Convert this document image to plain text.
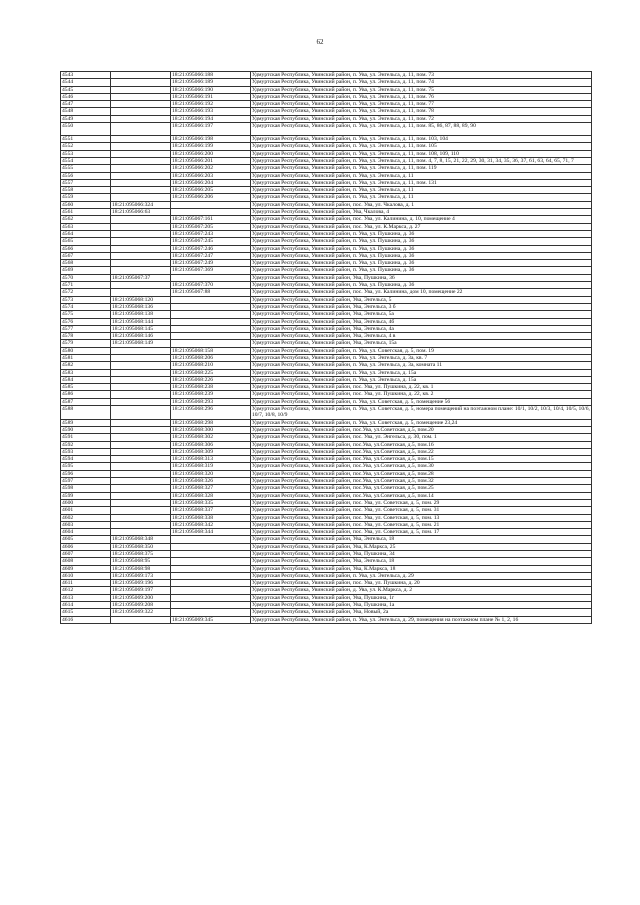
62
4543		18:21:095066:188	Удмуртская Республика, Увинский район, п. Ува, ул. Энгельса, д. 11, пом. 73
4544		18:21:095066:189	Удмуртская Республика, Увинский район, п. Ува, ул. Энгельса, д. 11, пом. 74
4545		18:21:095066:190	Удмуртская Республика, Увинский район, п. Ува, ул. Энгельса, д. 11, пом. 75
4546		18:21:095066:191	Удмуртская Республика, Увинский район, п. Ува, ул. Энгельса, д. 11, пом. 76
4547		18:21:095066:192	Удмуртская Республика, Увинский район, п. Ува, ул. Энгельса, д. 11, пом. 77
4548		18:21:095066:193	Удмуртская Республика, Увинский район, п. Ува, ул. Энгельса, д. 11, пом. 78
4549		18:21:095066:194	Удмуртская Республика, Увинский район, п. Ува, ул. Энгельса, д. 11, пом. 72
4550		18:21:095066:197	Удмуртская Республика, Увинский район, п. Ува, ул. Энгельса, д. 11, пом. 85, 86, 87, 88, 89, 90
4551		18:21:095066:198	Удмуртская Республика, Увинский район, п. Ува, ул. Энгельса, д. 11, пом. 103, 104
4552		18:21:095066:199	Удмуртская Республика, Увинский район, п. Ува, ул. Энгельса, д. 11, пом. 105
4553		18:21:095066:200	Удмуртская Республика, Увинский район, п. Ува, ул. Энгельса, д. 11, пом. 108, 109, 110
4554		18:21:095066:201	Удмуртская Республика, Увинский район, п. Ува, ул. Энгельса, д. 11, пом. 4, 7, 8, 15, 21, 22, 29, 30, 31, 34, 35, 36, 37, 61, 63, 64, 65, 71, 7
4555		18:21:095066:202	Удмуртская Республика, Увинский район, п. Ува, ул. Энгельса, д. 11, пом. 119
4556		18:21:095066:203	Удмуртская Республика, Увинский район, п. Ува, ул. Энгельса, д. 11
4557		18:21:095066:204	Удмуртская Республика, Увинский район, п. Ува, ул. Энгельса, д. 11, пом. 131
4558		18:21:095066:205	Удмуртская Республика, Увинский район, п. Ува, ул. Энгельса, д. 11
4559		18:21:095066:206	Удмуртская Республика, Увинский район, п. Ува, ул. Энгельса, д. 11
4560	18:21:095066:324		Удмуртская Республика, Увинский район, пос. Ува, ул. Чкалова, д. 1
4561	18:21:095066:63		Удмуртская Республика, Увинский район, Ува, Чкалова, 4
4562		18:21:095067:161	Удмуртская Республика, Увинский район, пос. Ува, ул. Калинина, д. 10, помещение 4
4563		18:21:095067:205	Удмуртская Республика, Увинский район, пос. Ува, ул. К.Маркса, д. 27
4564		18:21:095067:243	Удмуртская Республика, Увинский район, п. Ува, ул. Пушкина, д. 36
4565		18:21:095067:245	Удмуртская Республика, Увинский район, п. Ува, ул. Пушкина, д. 36
4566		18:21:095067:246	Удмуртская Республика, Увинский район, п. Ува, ул. Пушкина, д. 36
4567		18:21:095067:247	Удмуртская Республика, Увинский район, п. Ува, ул. Пушкина, д. 36
4568		18:21:095067:249	Удмуртская Республика, Увинский район, п. Ува, ул. Пушкина, д. 36
4569		18:21:095067:369	Удмуртская Республика, Увинский район, п. Ува, ул. Пушкина, д. 36
4570	18:21:095067:37		Удмуртская Республика, Увинский район, Ува, Пушкина, 36
4571		18:21:095067:370	Удмуртская Республика, Увинский район, п. Ува, ул. Пушкина, д. 36
4572		18:21:095067:88	Удмуртская Республика, Увинский район, пос. Ува, ул. Калинина, дом 10, помещение 22
4573	18:21:095068:120		Удмуртская Республика, Увинский район, Ува, Энгельса, 5
4574	18:21:095068:136		Удмуртская Республика, Увинский район, Ува, Энгельса, 3 б
4575	18:21:095068:138		Удмуртская Республика, Увинский район, Ува, Энгельса, 5а
4576	18:21:095068:144		Удмуртская Республика, Увинский район, Ува, Энгельса, 4б
4577	18:21:095068:145		Удмуртская Республика, Увинский район, Ува, Энгельса, 4а
4578	18:21:095068:146		Удмуртская Республика, Увинский район, Ува, Энгельса, 4 в
4579	18:21:095068:149		Удмуртская Республика, Увинский район, Ува, Энгельса, 15а
4580		18:21:095068:158	Удмуртская Республика, Увинский район, п. Ува, ул. Советская, д. 5, пом. 19
4581		18:21:095068:206	Удмуртская Республика, Увинский район, п. Ува, ул. Энгельса, д. 3а, кв. 7
4582		18:21:095068:210	Удмуртская Республика, Увинский район, п. Ува, ул. Энгельса, д. 3а, комната 11
4583		18:21:095068:225	Удмуртская Республика, Увинский район, п. Ува, ул. Энгельса, д. 15а
4584		18:21:095068:226	Удмуртская Республика, Увинский район, п. Ува, ул. Энгельса, д. 15а
4585		18:21:095068:238	Удмуртская Республика, Увинский район, пос. Ува, ул. Пушкина, д. 22, кв. 1
4586		18:21:095068:239	Удмуртская Республика, Увинский район, пос. Ува, ул. Пушкина, д. 22, кв. 2
4587		18:21:095068:293	Удмуртская Республика, Увинский район, п. Ува, ул. Советская, д. 5, помещение 56
4588		18:21:095068:296	Удмуртская Республика, Увинский район, п. Ува, ул. Советская, д. 5, номера помещений на поэтажном плане: 10/1, 10/2, 10/3, 10/4, 10/5, 10/6, 10/7, 10/8, 10/9
4589		18:21:095068:298	Удмуртская Республика, Увинский район, п. Ува, ул. Советская, д. 5, помещение 23,24
4590		18:21:095068:300	Удмуртская Республика, Увинский район, пос.Ува, ул.Советская, д.5, пом.20
4591		18:21:095068:302	Удмуртская Республика, Увинский район, пос. Ува, ул. Энгельса, д. 30, пом. 1
4592		18:21:095068:306	Удмуртская Республика, Увинский район, пос.Ува, ул.Советская, д.5, пом.16
4593		18:21:095068:309	Удмуртская Республика, Увинский район, пос.Ува, ул.Советская, д.5, пом.22
4594		18:21:095068:313	Удмуртская Республика, Увинский район, пос.Ува, ул.Советская, д.5, пом.15
4595		18:21:095068:319	Удмуртская Республика, Увинский район, пос.Ува, ул.Советская, д.5, пом.30
4596		18:21:095068:320	Удмуртская Республика, Увинский район, пос.Ува, ул.Советская, д.5, пом.28
4597		18:21:095068:326	Удмуртская Республика, Увинский район, пос.Ува, ул.Советская, д.5, пом.32
4598		18:21:095068:327	Удмуртская Республика, Увинский район, пос.Ува, ул.Советская, д.5, пом.25
4599		18:21:095068:328	Удмуртская Республика, Увинский район, пос.Ува, ул.Советская, д.5, пом.14
4600		18:21:095068:335	Удмуртская Республика, Увинский район, пос. Ува, ул. Советская, д. 5, пом. 29
4601		18:21:095068:337	Удмуртская Республика, Увинский район, пос. Ува, ул. Советская, д. 5, пом. 31
4602		18:21:095068:338	Удмуртская Республика, Увинский район, пос. Ува, ул. Советская, д. 5, пом. 13
4603		18:21:095068:342	Удмуртская Республика, Увинский район, пос. Ува, ул. Советская, д. 5, пом. 21
4604		18:21:095068:344	Удмуртская Республика, Увинский район, пос. Ува, ул. Советская, д. 5, пом. 17
4605	18:21:095068:348		Удмуртская Республика, Увинский район, Ува, Энгельса, 18
4606	18:21:095068:350		Удмуртская Республика, Увинский район, Ува, К.Маркса, 25
4607	18:21:095068:375		Удмуртская Республика, Увинский район, Ува, Пушкина, 34
4608	18:21:095068:95		Удмуртская Республика, Увинский район, Ува, Энгельса, 18
4609	18:21:095068:98		Удмуртская Республика, Увинский район, Ува, К.Маркса, 18
4610	18:21:095069:173		Удмуртская Республика, Увинский район, п. Ува, ул. Энгельса, д. 29
4611	18:21:095069:196		Удмуртская Республика, Увинский район, пос. Ува, ул. Пушкина, д. 20
4612	18:21:095069:197		Удмуртская Республика, Увинский район, д. Ува, ул. К.Маркса, д. 2
4613	18:21:095069:200		Удмуртская Республика, Увинский район, Ува, Пушкина, 1г
4614	18:21:095069:208		Удмуртская Республика, Увинский район, Ува, Пушкина, 1а
4615	18:21:095069:322		Удмуртская Республика, Увинский район, Ува, Новый, 2а
4616		18:21:095069:345	Удмуртская Республика, Увинский район, п. Ува, ул. Энгельса, д. 29, помещения на поэтажном плане № 1, 2, 16
